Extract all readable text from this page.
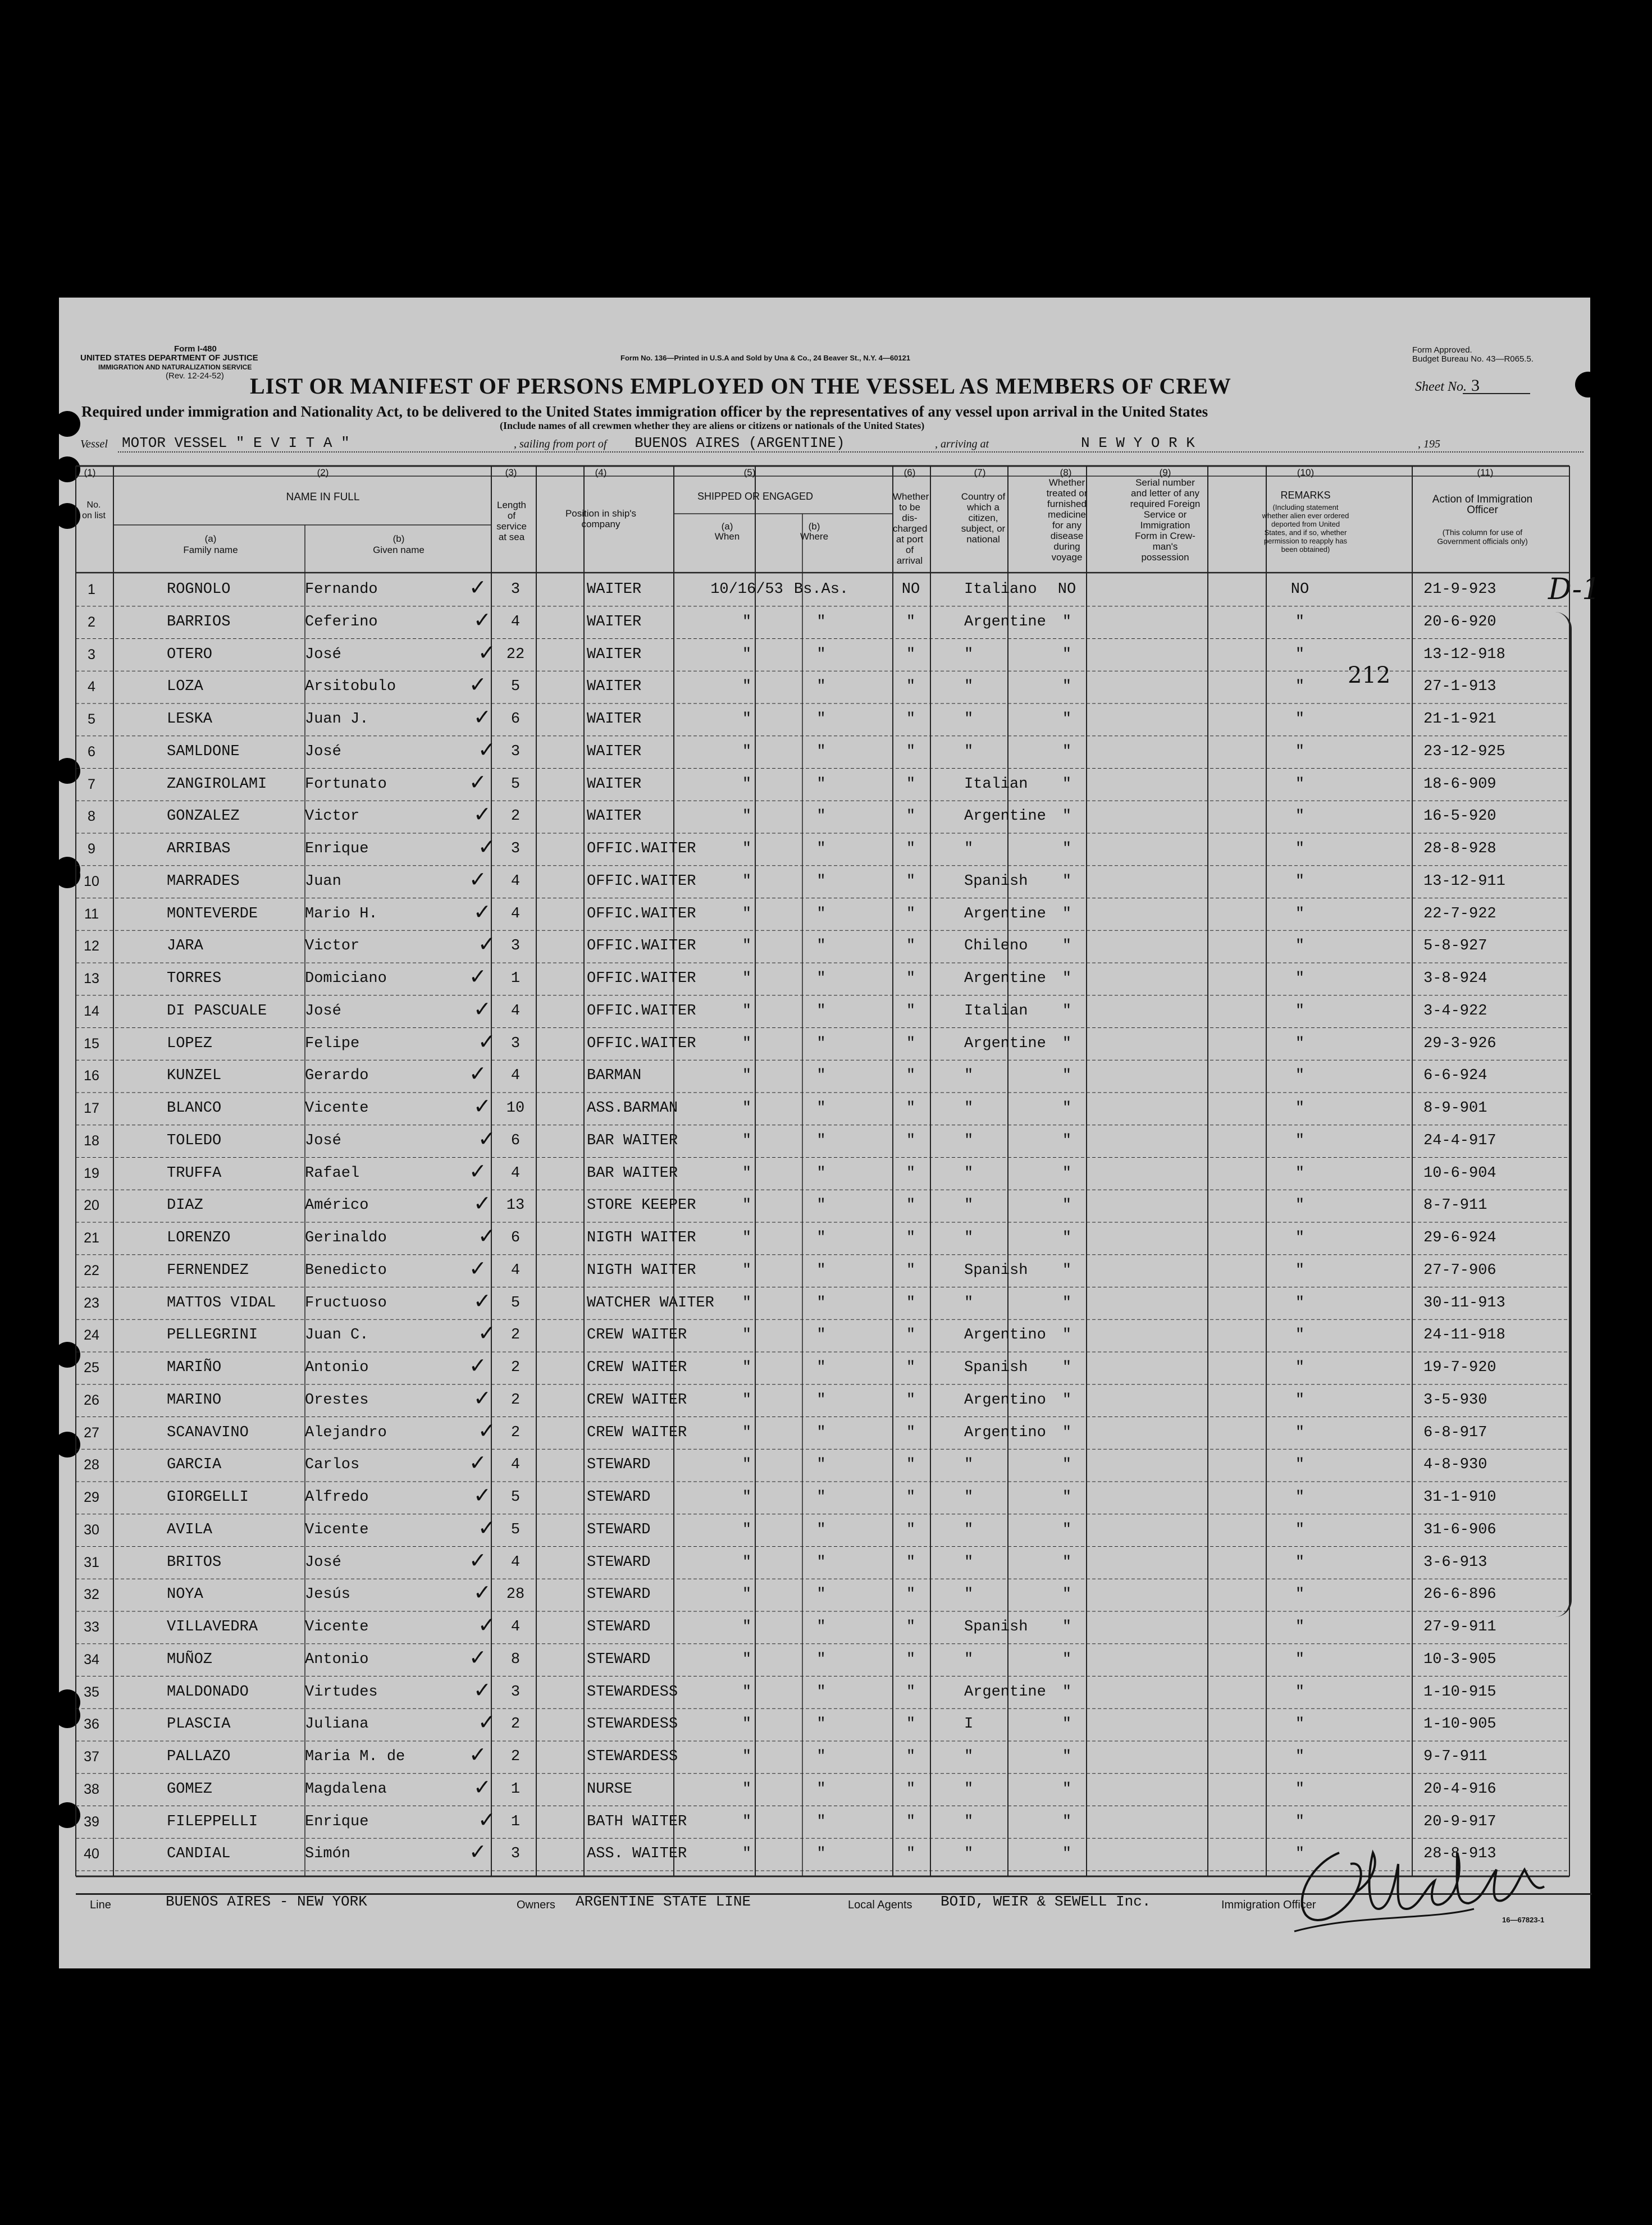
Form I-480
UNITED STATES DEPARTMENT OF JUSTICE
IMMIGRATION AND NATURALIZATION SERVICE
(Rev. 12-24-52)
Form No. 136—Printed in U.S.A and Sold by Una & Co., 24 Beaver St., N.Y. 4—60121
Form Approved.
Budget Bureau No. 43—R065.5.
LIST OR MANIFEST OF PERSONS EMPLOYED ON THE VESSEL AS MEMBERS OF CREW	Sheet No. 3
Required under immigration and Nationality Act, to be delivered to the United States immigration officer by the representatives of any vessel upon arrival in the United States
(Include names of all crewmen whether they are aliens or citizens or nationals of the United States)
Vessel MOTOR VESSEL " E V I T A "	, sailing from port of BUENOS AIRES (ARGENTINE)	, arriving at	N E W Y O R K	, 195
D-1
212
(1)	(2)	(3)	(4)	(5)	(6)	(7)	(8)	(9)	(10)	(11)
No. on list
NAME IN FULL
(a)
Family name
(b)
Given name
Length of service at sea
Position in ship's company
SHIPPED OR ENGAGED
(a)
When
(b)
Where
Whether to be dis- charged at port of arrival
Country of which a citizen, subject, or national
Whether treated or furnished medicine for any disease during voyage
Serial number and letter of any required Foreign Service or Immigration Form in Crew- man's possession
REMARKS
(Including statement whether alien ever ordered deported from United States, and if so, whether permission to reapply has been obtained)
Action of Immigration Officer
(This column for use of Government officials only)
1	ROGNOLO	Fernando	3	WAITER	10/16/53 Bs.As.	NO	Italiano	NO	NO	21-9-923
✓
2	BARRIOS	Ceferino	4	WAITER	"	"	"	Argentine	"	"	20-6-920
✓
3	OTERO	José	22	WAITER	"	"	"	"	"	"	13-12-918
✓
4	LOZA	Arsitobulo	5	WAITER	"	"	"	"	"	"	27-1-913
✓
5	LESKA	Juan J.	6	WAITER	"	"	"	"	"	"	21-1-921
✓
6	SAMLDONE	José	3	WAITER	"	"	"	"	"	"	23-12-925
✓
7	ZANGIROLAMI	Fortunato	5	WAITER	"	"	"	Italian	"	"	18-6-909
✓
8	GONZALEZ	Victor	2	WAITER	"	"	"	Argentine	"	"	16-5-920
✓
9	ARRIBAS	Enrique	3	OFFIC.WAITER	"	"	"	"	"	"	28-8-928
✓
10	MARRADES	Juan	4	OFFIC.WAITER	"	"	"	Spanish	"	"	13-12-911
✓
11	MONTEVERDE	Mario H.	4	OFFIC.WAITER	"	"	"	Argentine	"	"	22-7-922
✓
12	JARA	Victor	3	OFFIC.WAITER	"	"	"	Chileno	"	"	5-8-927
✓
13	TORRES	Domiciano	1	OFFIC.WAITER	"	"	"	Argentine	"	"	3-8-924
✓
14	DI PASCUALE	José	4	OFFIC.WAITER	"	"	"	Italian	"	"	3-4-922
✓
15	LOPEZ	Felipe	3	OFFIC.WAITER	"	"	"	Argentine	"	"	29-3-926
✓
16	KUNZEL	Gerardo	4	BARMAN	"	"	"	"	"	"	6-6-924
✓
17	BLANCO	Vicente	10	ASS.BARMAN	"	"	"	"	"	"	8-9-901
✓
18	TOLEDO	José	6	BAR WAITER	"	"	"	"	"	"	24-4-917
✓
19	TRUFFA	Rafael	4	BAR WAITER	"	"	"	"	"	"	10-6-904
✓
20	DIAZ	Américo	13	STORE KEEPER	"	"	"	"	"	"	8-7-911
✓
21	LORENZO	Gerinaldo	6	NIGTH WAITER	"	"	"	"	"	"	29-6-924
✓
22	FERNENDEZ	Benedicto	4	NIGTH WAITER	"	"	"	Spanish	"	"	27-7-906
✓
23	MATTOS VIDAL Fructuoso	5	WATCHER WAITER	"	"	"	"	"	"	30-11-913
✓
24	PELLEGRINI	Juan C.	2	CREW WAITER	"	"	"	Argentino	"	"	24-11-918
✓
25	MARIÑO	Antonio	2	CREW WAITER	"	"	"	Spanish	"	"	19-7-920
✓
26	MARINO	Orestes	2	CREW WAITER	"	"	"	Argentino	"	"	3-5-930
✓
27	SCANAVINO	Alejandro	2	CREW WAITER	"	"	"	Argentino	"	"	6-8-917
✓
28	GARCIA	Carlos	4	STEWARD	"	"	"	"	"	"	4-8-930
✓
29	GIORGELLI	Alfredo	5	STEWARD	"	"	"	"	"	"	31-1-910
✓
30	AVILA	Vicente	5	STEWARD	"	"	"	"	"	"	31-6-906
✓
31	BRITOS	José	4	STEWARD	"	"	"	"	"	"	3-6-913
✓
32	NOYA	Jesús	28	STEWARD	"	"	"	"	"	"	26-6-896
✓
33	VILLAVEDRA	Vicente	4	STEWARD	"	"	"	Spanish	"	"	27-9-911
✓
34	MUÑOZ	Antonio	8	STEWARD	"	"	"	"	"	"	10-3-905
✓
35	MALDONADO	Virtudes	3	STEWARDESS	"	"	"	Argentine	"	"	1-10-915
✓
36	PLASCIA	Juliana	2	STEWARDESS	"	"	"	I	"	"	1-10-905
✓
37	PALLAZO	Maria M. de	2	STEWARDESS	"	"	"	"	"	"	9-7-911
✓
38	GOMEZ	Magdalena	1	NURSE	"	"	"	"	"	"	20-4-916
✓
39	FILEPPELLI	Enrique	1	BATH WAITER	"	"	"	"	"	"	20-9-917
✓
40	CANDIAL	Simón	3	ASS. WAITER	"	"	"	"	"	"	28-8-913
✓
Line	BUENOS AIRES - NEW YORK	Owners ARGENTINE STATE LINE	Local Agents BOID, WEIR & SEWELL Inc.	Immigration Officer
16—67823-1
